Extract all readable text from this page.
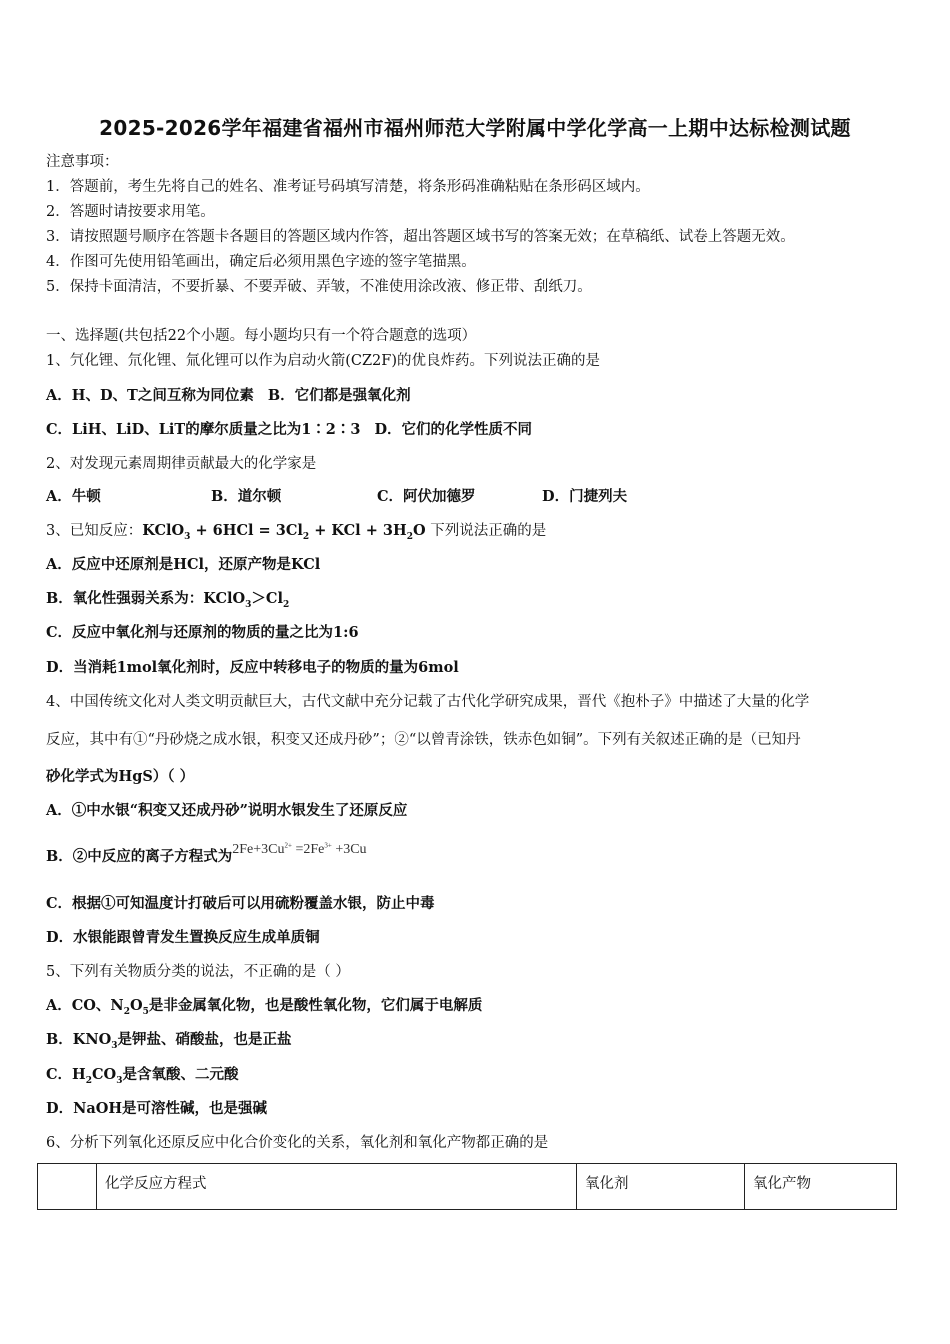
2025-2026学年福建省福州市福州师范大学附属中学化学高一上期中达标检测试题
注意事项：
1．答题前，考生先将自己的姓名、准考证号码填写清楚，将条形码准确粘贴在条形码区域内。
2．答题时请按要求用笔。
3．请按照题号顺序在答题卡各题目的答题区域内作答，超出答题区域书写的答案无效；在草稿纸、试卷上答题无效。
4．作图可先使用铅笔画出，确定后必须用黑色字迹的签字笔描黑。
5．保持卡面清洁，不要折暴、不要弄破、弄皱，不准使用涂改液、修正带、刮纸刀。
一、选择题(共包括22个小题。每小题均只有一个符合题意的选项）
1、氕化锂、氘化锂、氚化锂可以作为启动火箭(CZ2F)的优良炸药。下列说法正确的是
A．H、D、T之间互称为同位素 B．它们都是强氧化剂
C．LiH、LiD、LiT的摩尔质量之比为1∶2∶3 D．它们的化学性质不同
2、对发现元素周期律贡献最大的化学家是
A．牛顿	B．道尔顿	C．阿伏加德罗	D．门捷列夫
3、已知反应：KClO$_3$ + $6HCl = 3Cl_2$ + KCl + $3H_2O$ 下列说法正确的是
A．反应中还原剂是HCl，还原产物是KCl
B．氧化性强弱关系为：$KClO_3>Cl_2$
C．反应中氧化剂与还原剂的物质的量之比为1:6
D．当消耗1mol氧化剂时，反应中转移电子的物质的量为6mol
4、中国传统文化对人类文明贡献巨大，古代文献中充分记载了古代化学研究成果，晋代《抱朴子》中描述了大量的化学
反应，其中有①“丹砂烧之成水银，积变又还成丹砂”；②“以曾青涂铁，铁赤色如铜”。下列有关叙述正确的是（已知丹
砂化学式为HgS）（ ）
A．①中水银“积变又还成丹砂”说明水银发生了还原反应
B．②中反应的离子方程式为$2Fe+3Cu^{2+} =2Fe^{3+} +3Cu$
C．根据①可知温度计打破后可以用硫粉覆盖水银，防止中毒
D．水银能跟曾青发生置换反应生成单质铜
5、下列有关物质分类的说法，不正确的是（ ）
A．CO、$N_2O_5$是非金属氧化物，也是酸性氧化物，它们属于电解质
B．$KNO_3$是钾盐、硝酸盐，也是正盐
C．$H_2CO_3$是含氧酸、二元酸
D．NaOH是可溶性碱，也是强碱
6、分析下列氧化还原反应中化合价变化的关系，氧化剂和氧化产物都正确的是
	化学反应方程式	氧化剂	氧化产物
